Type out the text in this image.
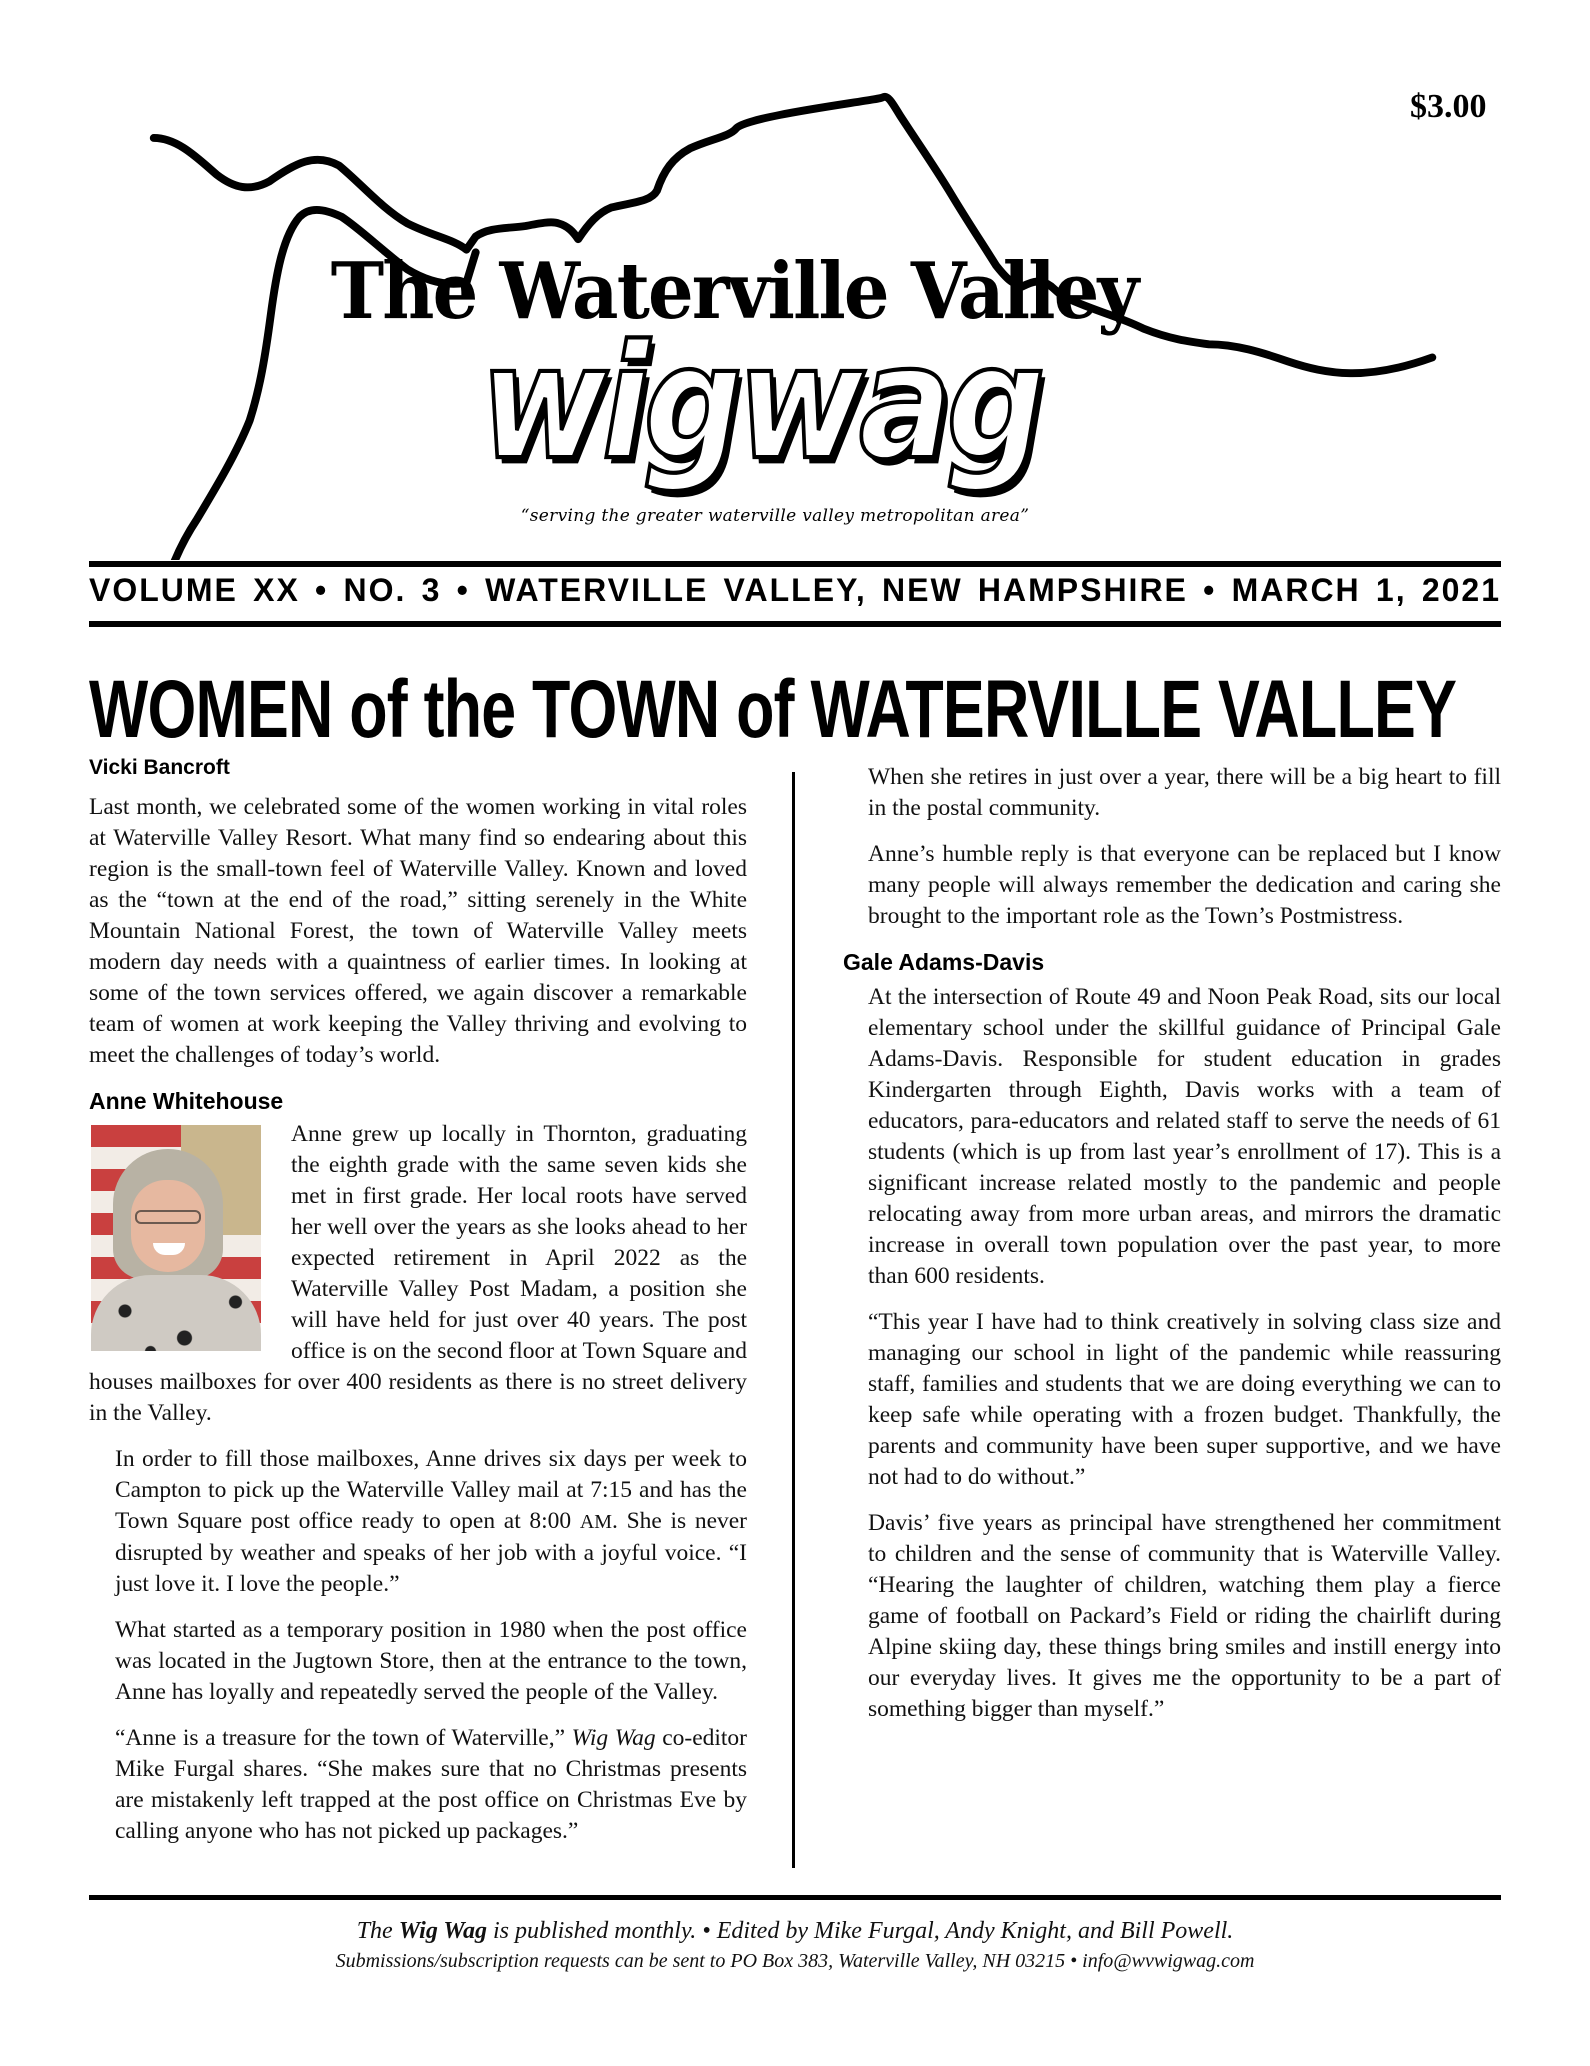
$3.00
The Waterville Valley
wigwag
“serving the greater waterville valley metropolitan area”
VOLUME XX • NO. 3 • WATERVILLE VALLEY, NEW HAMPSHIRE • MARCH 1, 2021
WOMEN of the TOWN of WATERVILLE VALLEY
Vicki Bancroft

Last month, we celebrated some of the women working in vital roles at Waterville Valley Resort. What many find so endearing about this region is the small-town feel of Waterville Valley. Known and loved as the “town at the end of the road,” sitting serenely in the White Mountain National Forest, the town of Waterville Valley meets modern day needs with a quaintness of earlier times. In looking at some of the town services offered, we again discover a remarkable team of women at work keeping the Valley thriving and evolving to meet the challenges of today’s world.

Anne Whitehouse

Anne grew up locally in Thornton, graduating the eighth grade with the same seven kids she met in first grade. Her local roots have served her well over the years as she looks ahead to her expected retirement in April 2022 as the Waterville Valley Post Madam, a position she will have held for just over 40 years. The post office is on the second floor at Town Square and houses mailboxes for over 400 residents as there is no street delivery in the Valley.

In order to fill those mailboxes, Anne drives six days per week to Campton to pick up the Waterville Valley mail at 7:15 and has the Town Square post office ready to open at 8:00 AM. She is never disrupted by weather and speaks of her job with a joyful voice. “I just love it. I love the people.”

What started as a temporary position in 1980 when the post office was located in the Jugtown Store, then at the entrance to the town, Anne has loyally and repeatedly served the people of the Valley.

“Anne is a treasure for the town of Waterville,” Wig Wag co-editor Mike Furgal shares. “She makes sure that no Christmas presents are mistakenly left trapped at the post office on Christmas Eve by calling anyone who has not picked up packages.”

When she retires in just over a year, there will be a big heart to fill in the postal community.

Anne’s humble reply is that everyone can be replaced but I know many people will always remember the dedication and caring she brought to the important role as the Town’s Postmistress.

Gale Adams-Davis

At the intersection of Route 49 and Noon Peak Road, sits our local elementary school under the skillful guidance of Principal Gale Adams-Davis. Responsible for student education in grades Kindergarten through Eighth, Davis works with a team of educators, para-educators and related staff to serve the needs of 61 students (which is up from last year’s enrollment of 17). This is a significant increase related mostly to the pandemic and people relocating away from more urban areas, and mirrors the dramatic increase in overall town population over the past year, to more than 600 residents.

“This year I have had to think creatively in solving class size and managing our school in light of the pandemic while reassuring staff, families and students that we are doing everything we can to keep safe while operating with a frozen budget. Thankfully, the parents and community have been super supportive, and we have not had to do without.”

Davis’ five years as principal have strengthened her commitment to children and the sense of community that is Waterville Valley. “Hearing the laughter of children, watching them play a fierce game of football on Packard’s Field or riding the chairlift during Alpine skiing day, these things bring smiles and instill energy into our everyday lives. It gives me the opportunity to be a part of something bigger than myself.”

The Wig Wag is published monthly. • Edited by Mike Furgal, Andy Knight, and Bill Powell.
Submissions/subscription requests can be sent to PO Box 383, Waterville Valley, NH 03215 • info@wvwigwag.com
